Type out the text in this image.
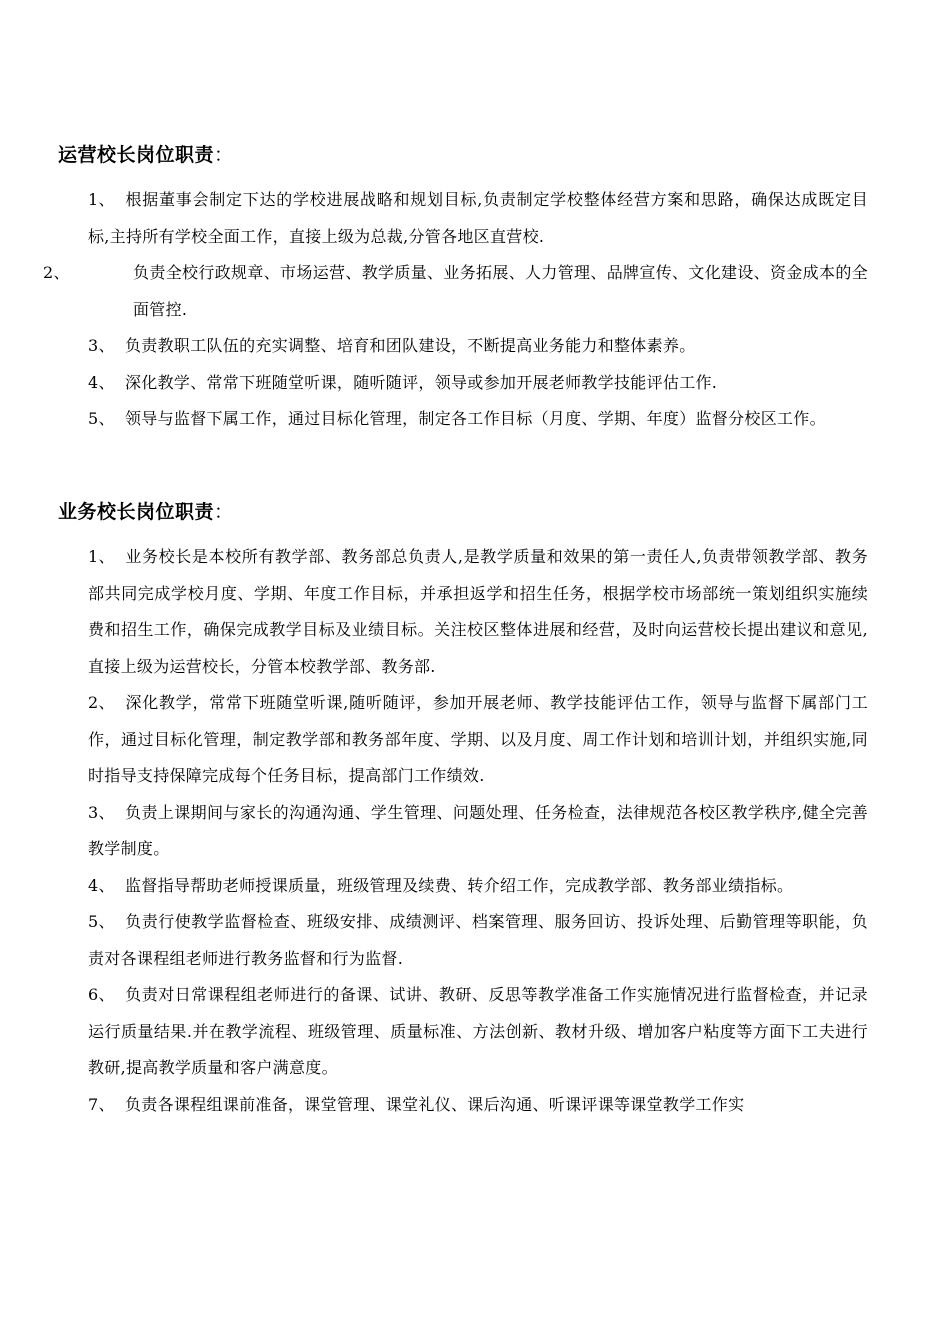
运营校长岗位职责：
1、 根据董事会制定下达的学校进展战略和规划目标,负责制定学校整体经营方案和思路，确保达成既定目标,主持所有学校全面工作，直接上级为总裁,分管各地区直营校.
2、	负责全校行政规章、市场运营、教学质量、业务拓展、人力管理、品牌宣传、文化建设、资金成本的全面管控.
3、 负责教职工队伍的充实调整、培育和团队建设，不断提高业务能力和整体素养。
4、 深化教学、常常下班随堂听课，随听随评，领导或参加开展老师教学技能评估工作.
5、 领导与监督下属工作，通过目标化管理，制定各工作目标（月度、学期、年度）监督分校区工作。
业务校长岗位职责：
1、 业务校长是本校所有教学部、教务部总负责人,是教学质量和效果的第一责任人,负责带领教学部、教务部共同完成学校月度、学期、年度工作目标，并承担返学和招生任务，根据学校市场部统一策划组织实施续费和招生工作，确保完成教学目标及业绩目标。关注校区整体进展和经营，及时向运营校长提出建议和意见,直接上级为运营校长，分管本校教学部、教务部.
2、 深化教学，常常下班随堂听课,随听随评，参加开展老师、教学技能评估工作，领导与监督下属部门工作，通过目标化管理，制定教学部和教务部年度、学期、以及月度、周工作计划和培训计划，并组织实施,同时指导支持保障完成每个任务目标，提高部门工作绩效.
3、 负责上课期间与家长的沟通沟通、学生管理、问题处理、任务检查，法律规范各校区教学秩序,健全完善教学制度。
4、 监督指导帮助老师授课质量，班级管理及续费、转介绍工作，完成教学部、教务部业绩指标。
5、 负责行使教学监督检查、班级安排、成绩测评、档案管理、服务回访、投诉处理、后勤管理等职能，负责对各课程组老师进行教务监督和行为监督.
6、 负责对日常课程组老师进行的备课、试讲、教研、反思等教学准备工作实施情况进行监督检查，并记录运行质量结果.并在教学流程、班级管理、质量标准、方法创新、教材升级、增加客户粘度等方面下工夫进行教研,提高教学质量和客户满意度。
7、 负责各课程组课前准备，课堂管理、课堂礼仪、课后沟通、听课评课等课堂教学工作实
